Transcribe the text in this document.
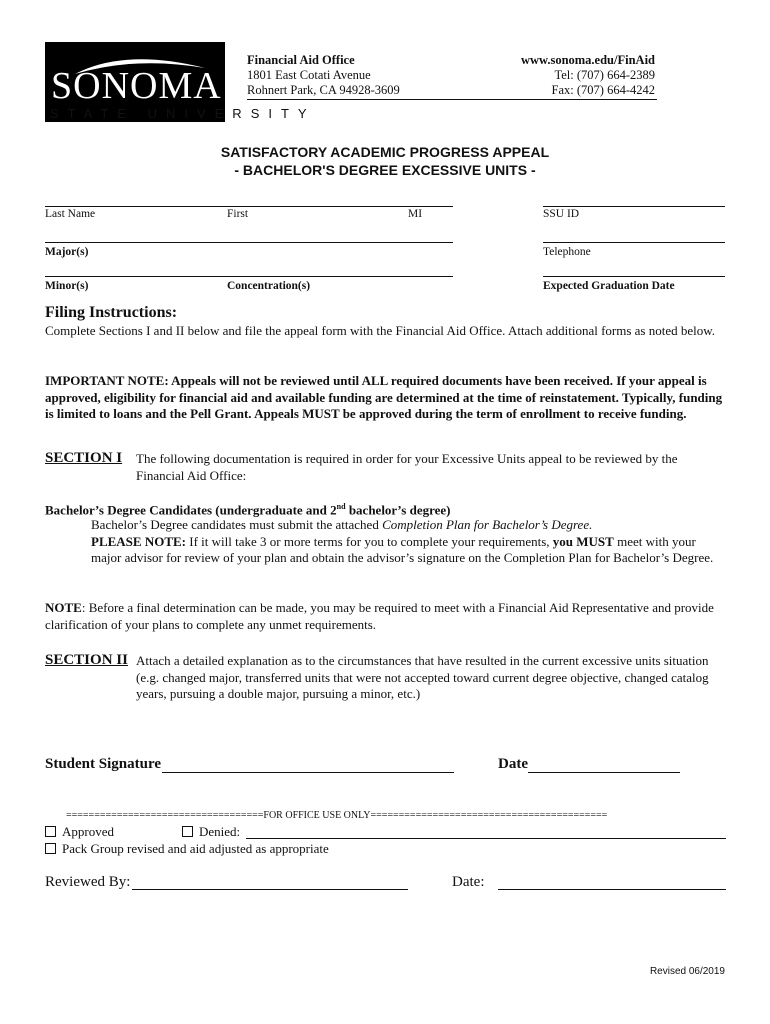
SONOMA
STATE UNIVERSITY
Financial Aid Office
1801 East Cotati Avenue
Rohnert Park, CA 94928-3609
www.sonoma.edu/FinAid
Tel: (707) 664-2389
Fax: (707) 664-4242
SATISFACTORY ACADEMIC PROGRESS APPEAL
- BACHELOR'S DEGREE EXCESSIVE UNITS -
Last Name	First	MI	SSU ID
Major(s)	Telephone
Minor(s)	Concentration(s)	Expected Graduation Date
Filing Instructions:
Complete Sections I and II below and file the appeal form with the Financial Aid Office. Attach additional forms as noted below.
IMPORTANT NOTE: Appeals will not be reviewed until ALL required documents have been received. If your appeal is approved, eligibility for financial aid and available funding are determined at the time of reinstatement. Typically, funding is limited to loans and the Pell Grant. Appeals MUST be approved during the term of enrollment to receive funding.
SECTION I The following documentation is required in order for your Excessive Units appeal to be reviewed by the Financial Aid Office:
Bachelor’s Degree Candidates (undergraduate and 2nd bachelor’s degree)
Bachelor’s Degree candidates must submit the attached Completion Plan for Bachelor’s Degree.
PLEASE NOTE: If it will take 3 or more terms for you to complete your requirements, you MUST meet with your major advisor for review of your plan and obtain the advisor’s signature on the Completion Plan for Bachelor’s Degree.
NOTE: Before a final determination can be made, you may be required to meet with a Financial Aid Representative and provide clarification of your plans to complete any unmet requirements.
SECTION II Attach a detailed explanation as to the circumstances that have resulted in the current excessive units situation (e.g. changed major, transferred units that were not accepted toward current degree objective, changed catalog years, pursuing a double major, pursuing a minor, etc.)
Student Signature	Date
===================================FOR OFFICE USE ONLY==========================================
Approved	Denied:
Pack Group revised and aid adjusted as appropriate
Reviewed By:	Date:
Revised 06/2019
